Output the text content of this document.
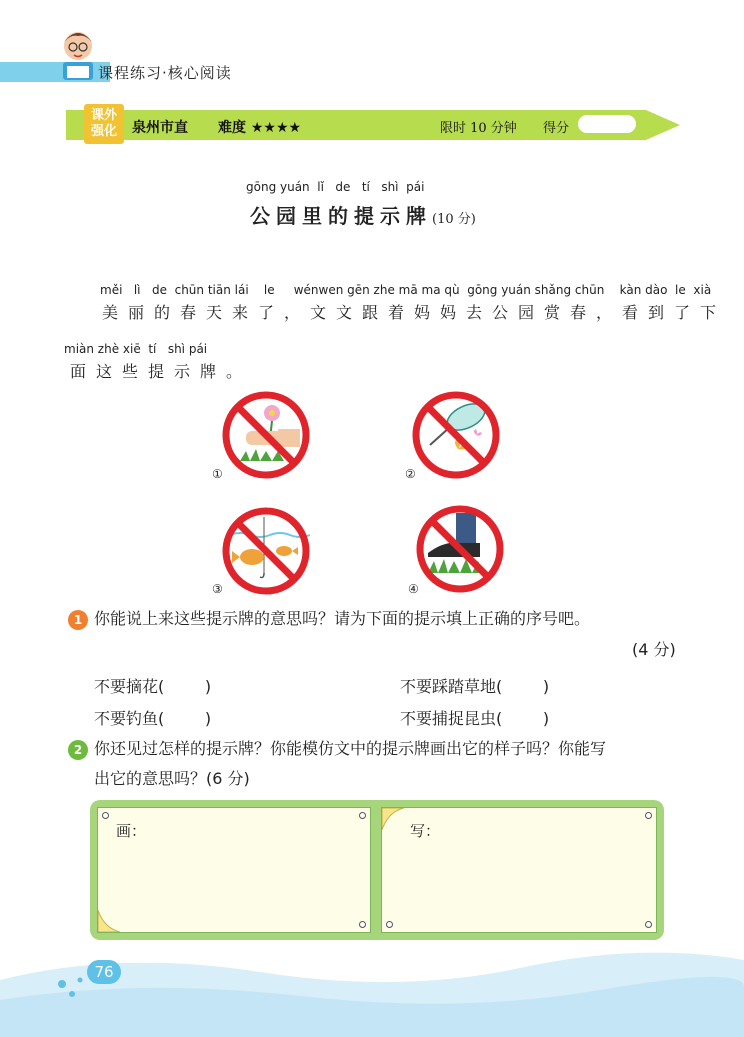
课程练习·核心阅读
课外
强化	泉州市直 难度 ★★★★	限时 10 分钟 得分
gōng yuán  lǐ   de   tí   shì  pái
公园里的提示牌(10 分)
měi   lì   de  chūn tiān lái    le     wénwen gēn zhe mā ma qù  gōng yuán shǎng chūn    kàn dào  le  xià
美丽的春天来了，文文跟着妈妈去公园赏春，看到了下
miàn zhè xiē  tí   shì pái
面这些提示牌。
①	②
③	④
1 你能说上来这些提示牌的意思吗？请为下面的提示填上正确的序号吧。
(4 分)
不要摘花(        )	不要踩踏草地(        )
不要钓鱼(        )	不要捕捉昆虫(        )
2 你还见过怎样的提示牌？你能模仿文中的提示牌画出它的样子吗？你能写
出它的意思吗？(6 分)
画：	写：
76
